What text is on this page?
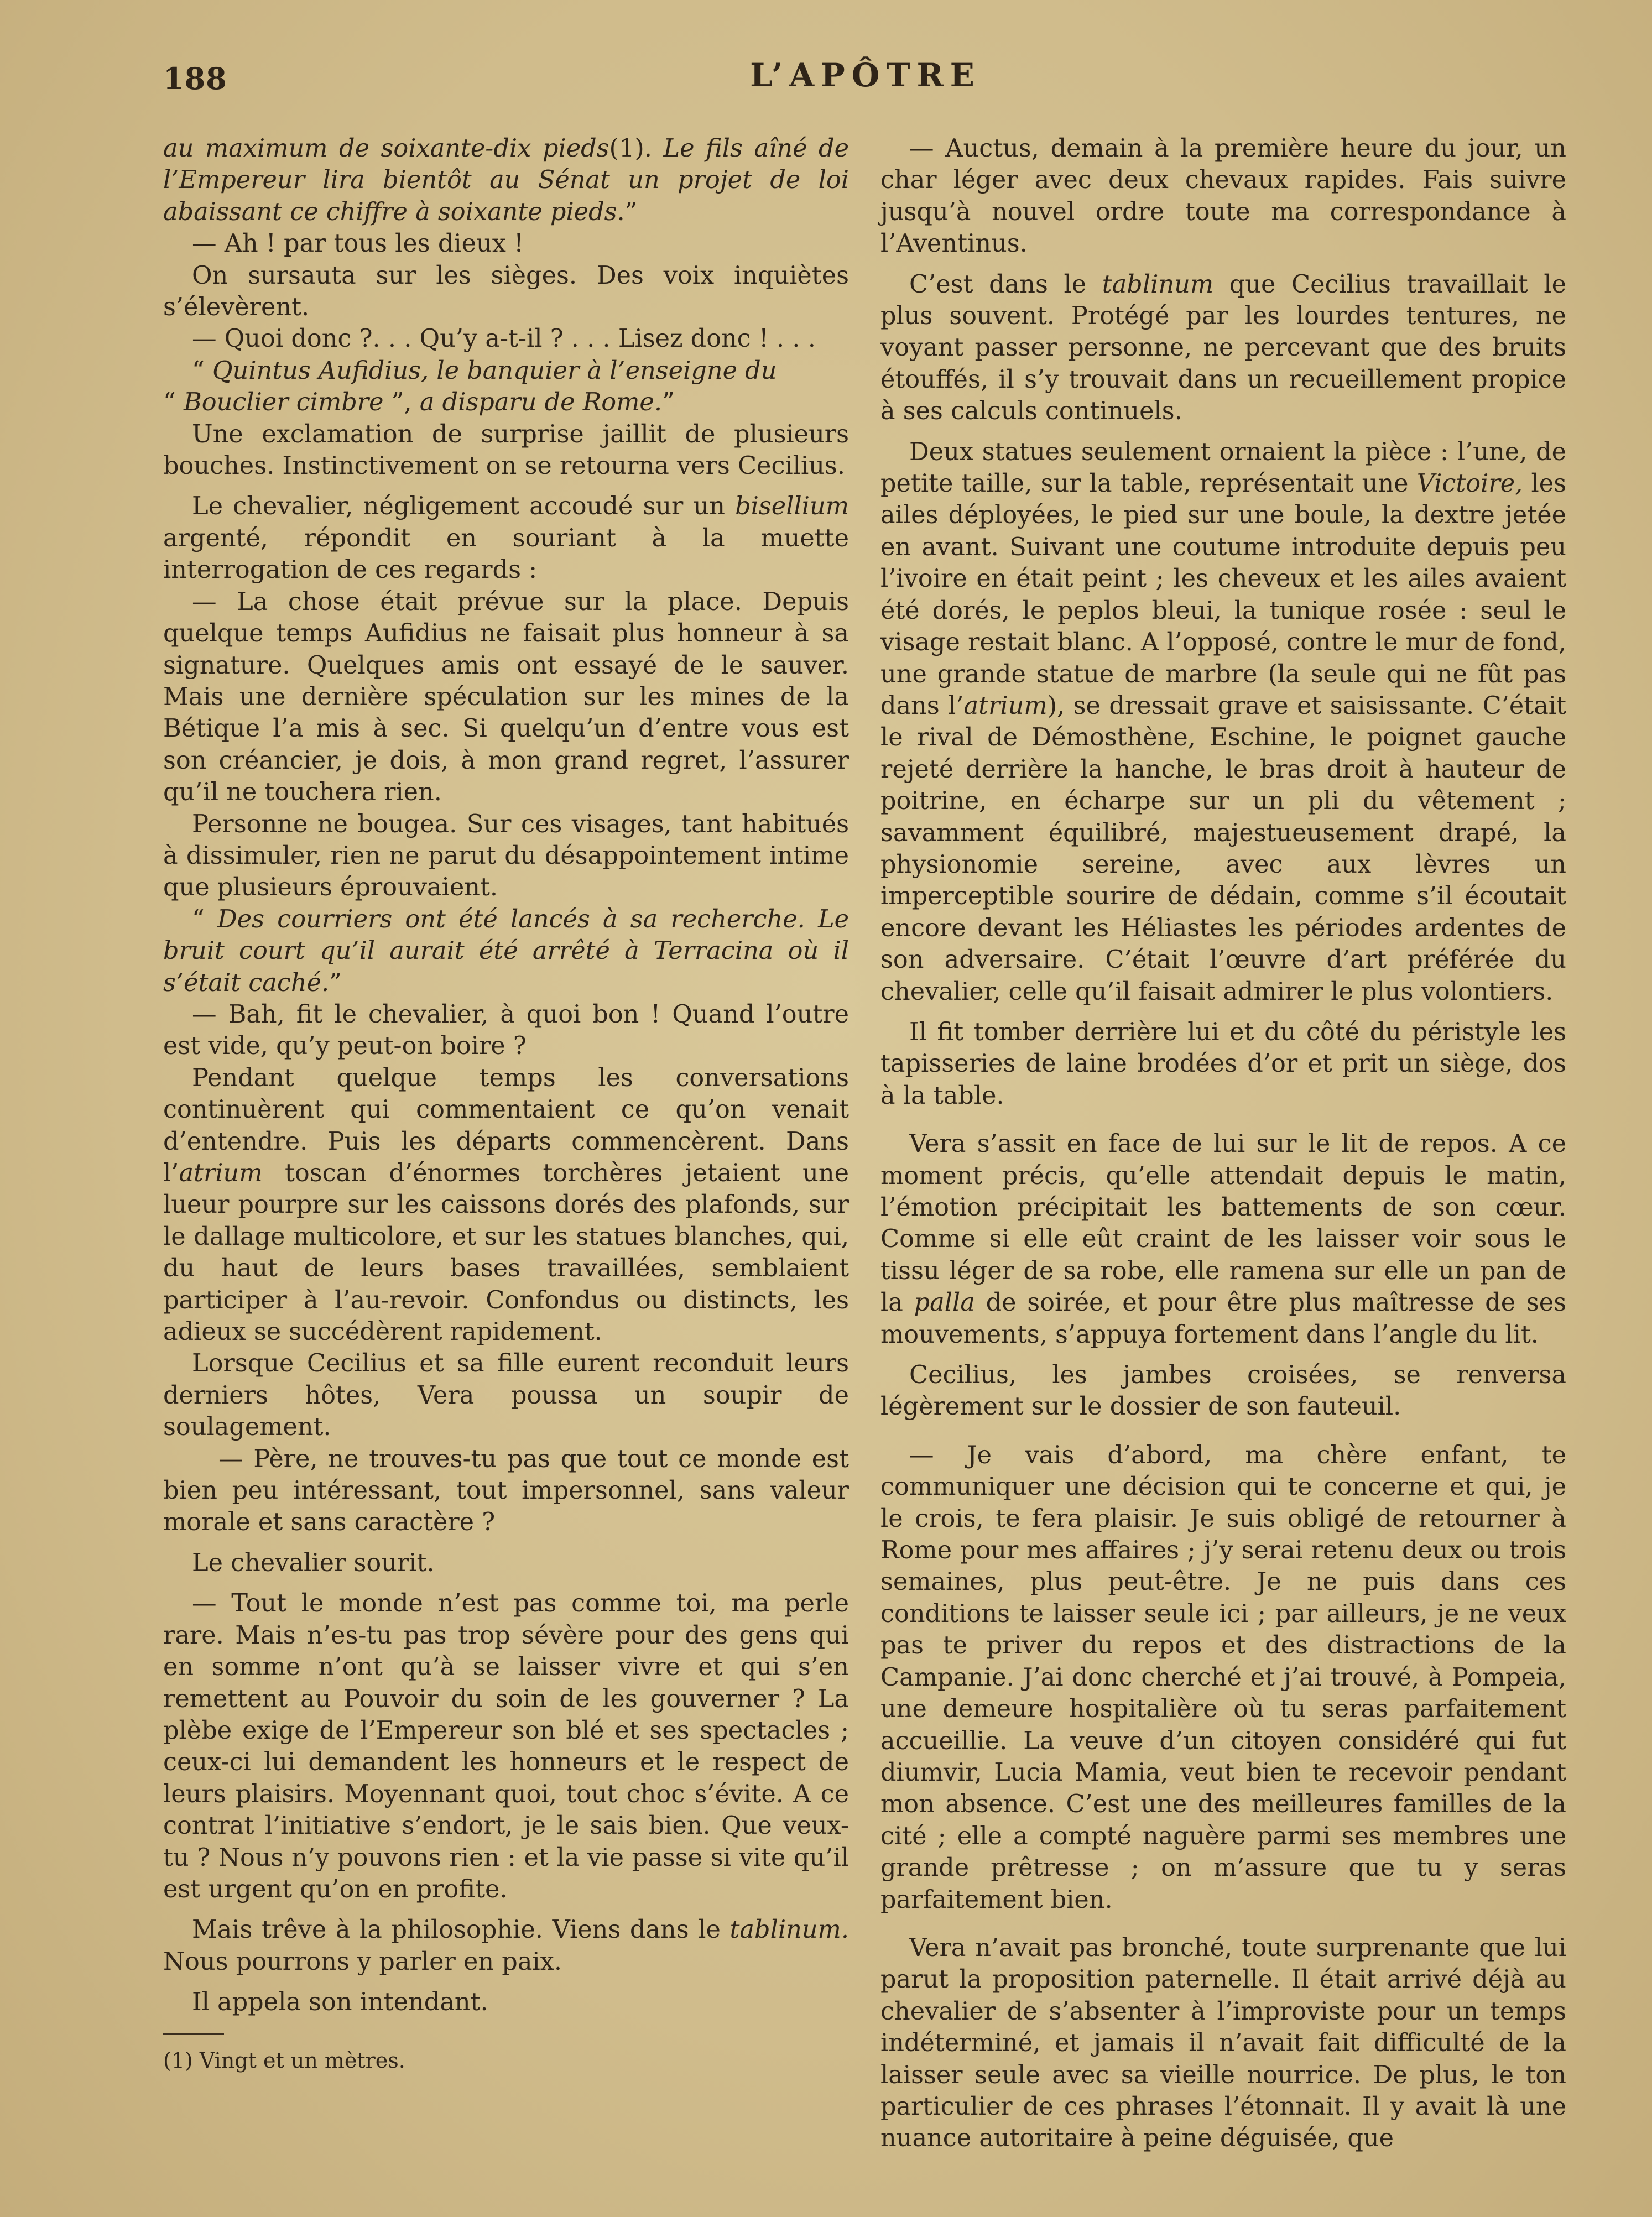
188	L’APÔTRE

au maximum de soixante-dix pieds(1). Le fils aîné de l’Empereur lira bientôt au Sénat un projet de loi abaissant ce chiffre à soixante pieds.”

— Ah ! par tous les dieux !

On sursauta sur les sièges. Des voix inquiètes s’élevèrent.

— Quoi donc ?. . . Qu’y a-t-il ? . . . Lisez donc ! . . .

“ Quintus Aufidius, le banquier à l’enseigne du
“ Bouclier cimbre ”, a disparu de Rome.”

Une exclamation de surprise jaillit de plusieurs bouches. Instinctivement on se retourna vers Cecilius.

Le chevalier, négligement accoudé sur un bisellium argenté, répondit en souriant à la muette interrogation de ces regards :

— La chose était prévue sur la place. Depuis quelque temps Aufidius ne faisait plus honneur à sa signature. Quelques amis ont essayé de le sauver. Mais une dernière spéculation sur les mines de la Bétique l’a mis à sec. Si quelqu’un d’entre vous est son créancier, je dois, à mon grand regret, l’assurer qu’il ne touchera rien.

Personne ne bougea. Sur ces visages, tant habitués à dissimuler, rien ne parut du désappointement intime que plusieurs éprouvaient.

“ Des courriers ont été lancés à sa recherche. Le bruit court qu’il aurait été arrêté à Terracina où il s’était caché.”

— Bah, fit le chevalier, à quoi bon ! Quand l’outre est vide, qu’y peut-on boire ?

Pendant quelque temps les conversations continuèrent qui commentaient ce qu’on venait d’entendre. Puis les départs commencèrent. Dans l’atrium toscan d’énormes torchères jetaient une lueur pourpre sur les caissons dorés des plafonds, sur le dallage multicolore, et sur les statues blanches, qui, du haut de leurs bases travaillées, semblaient participer à l’au-revoir. Confondus ou distincts, les adieux se succédèrent rapidement.

Lorsque Cecilius et sa fille eurent reconduit leurs derniers hôtes, Vera poussa un soupir de soulagement.

— Père, ne trouves-tu pas que tout ce monde est bien peu intéressant, tout impersonnel, sans valeur morale et sans caractère ?

Le chevalier sourit.

— Tout le monde n’est pas comme toi, ma perle rare. Mais n’es-tu pas trop sévère pour des gens qui en somme n’ont qu’à se laisser vivre et qui s’en remettent au Pouvoir du soin de les gouverner ? La plèbe exige de l’Empereur son blé et ses spectacles ; ceux-ci lui demandent les honneurs et le respect de leurs plaisirs. Moyennant quoi, tout choc s’évite. A ce contrat l’initiative s’endort, je le sais bien. Que veux-tu ? Nous n’y pouvons rien : et la vie passe si vite qu’il est urgent qu’on en profite.

Mais trêve à la philosophie. Viens dans le tablinum. Nous pourrons y parler en paix.

Il appela son intendant.

(1) Vingt et un mètres.

— Auctus, demain à la première heure du jour, un char léger avec deux chevaux rapides. Fais suivre jusqu’à nouvel ordre toute ma correspondance à l’Aventinus.

C’est dans le tablinum que Cecilius travaillait le plus souvent. Protégé par les lourdes tentures, ne voyant passer personne, ne percevant que des bruits étouffés, il s’y trouvait dans un recueillement propice à ses calculs continuels.

Deux statues seulement ornaient la pièce : l’une, de petite taille, sur la table, représentait une Victoire, les ailes déployées, le pied sur une boule, la dextre jetée en avant. Suivant une coutume introduite depuis peu l’ivoire en était peint ; les cheveux et les ailes avaient été dorés, le peplos bleui, la tunique rosée : seul le visage restait blanc. A l’opposé, contre le mur de fond, une grande statue de marbre (la seule qui ne fût pas dans l’atrium), se dressait grave et saisissante. C’était le rival de Démosthène, Eschine, le poignet gauche rejeté derrière la hanche, le bras droit à hauteur de poitrine, en écharpe sur un pli du vêtement ; savamment équilibré, majestueusement drapé, la physionomie sereine, avec aux lèvres un imperceptible sourire de dédain, comme s’il écoutait encore devant les Héliastes les périodes ardentes de son adversaire. C’était l’œuvre d’art préférée du chevalier, celle qu’il faisait admirer le plus volontiers.

Il fit tomber derrière lui et du côté du péristyle les tapisseries de laine brodées d’or et prit un siège, dos à la table.

Vera s’assit en face de lui sur le lit de repos. A ce moment précis, qu’elle attendait depuis le matin, l’émotion précipitait les battements de son cœur. Comme si elle eût craint de les laisser voir sous le tissu léger de sa robe, elle ramena sur elle un pan de la palla de soirée, et pour être plus maîtresse de ses mouvements, s’appuya fortement dans l’angle du lit.

Cecilius, les jambes croisées, se renversa légèrement sur le dossier de son fauteuil.

— Je vais d’abord, ma chère enfant, te communiquer une décision qui te concerne et qui, je le crois, te fera plaisir. Je suis obligé de retourner à Rome pour mes affaires ; j’y serai retenu deux ou trois semaines, plus peut-être. Je ne puis dans ces conditions te laisser seule ici ; par ailleurs, je ne veux pas te priver du repos et des distractions de la Campanie. J’ai donc cherché et j’ai trouvé, à Pompeia, une demeure hospitalière où tu seras parfaitement accueillie. La veuve d’un citoyen considéré qui fut diumvir, Lucia Mamia, veut bien te recevoir pendant mon absence. C’est une des meilleures familles de la cité ; elle a compté naguère parmi ses membres une grande prêtresse ; on m’assure que tu y seras parfaitement bien.

Vera n’avait pas bronché, toute surprenante que lui parut la proposition paternelle. Il était arrivé déjà au chevalier de s’absenter à l’improviste pour un temps indéterminé, et jamais il n’avait fait difficulté de la laisser seule avec sa vieille nourrice. De plus, le ton particulier de ces phrases l’étonnait. Il y avait là une nuance autoritaire à peine déguisée, que
